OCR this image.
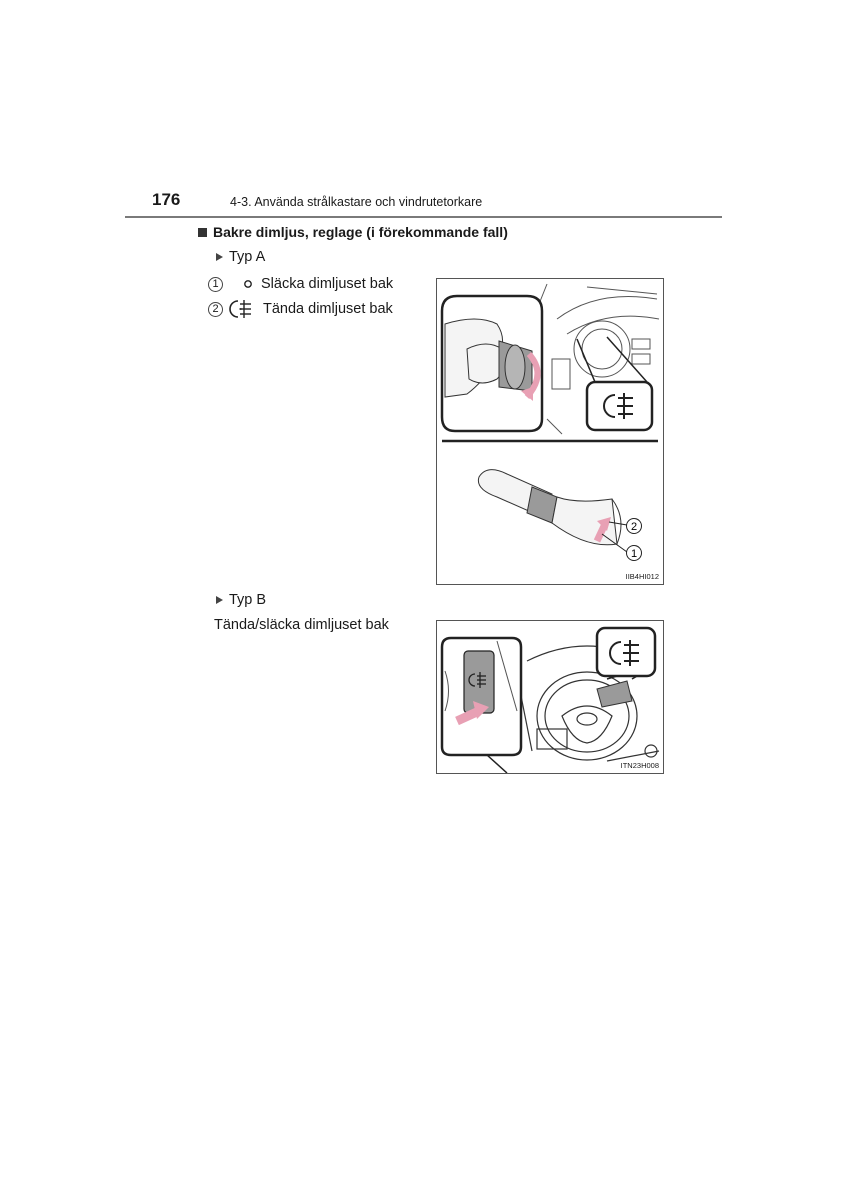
176	4-3. Använda strålkastare och vindrutetorkare
Bakre dimljus, reglage (i förekommande fall)
Typ A
1	Släcka dimljuset bak
2	Tända dimljuset bak
2
1
IIB4HI012
Typ B
Tända/släcka dimljuset bak
ITN23H008
